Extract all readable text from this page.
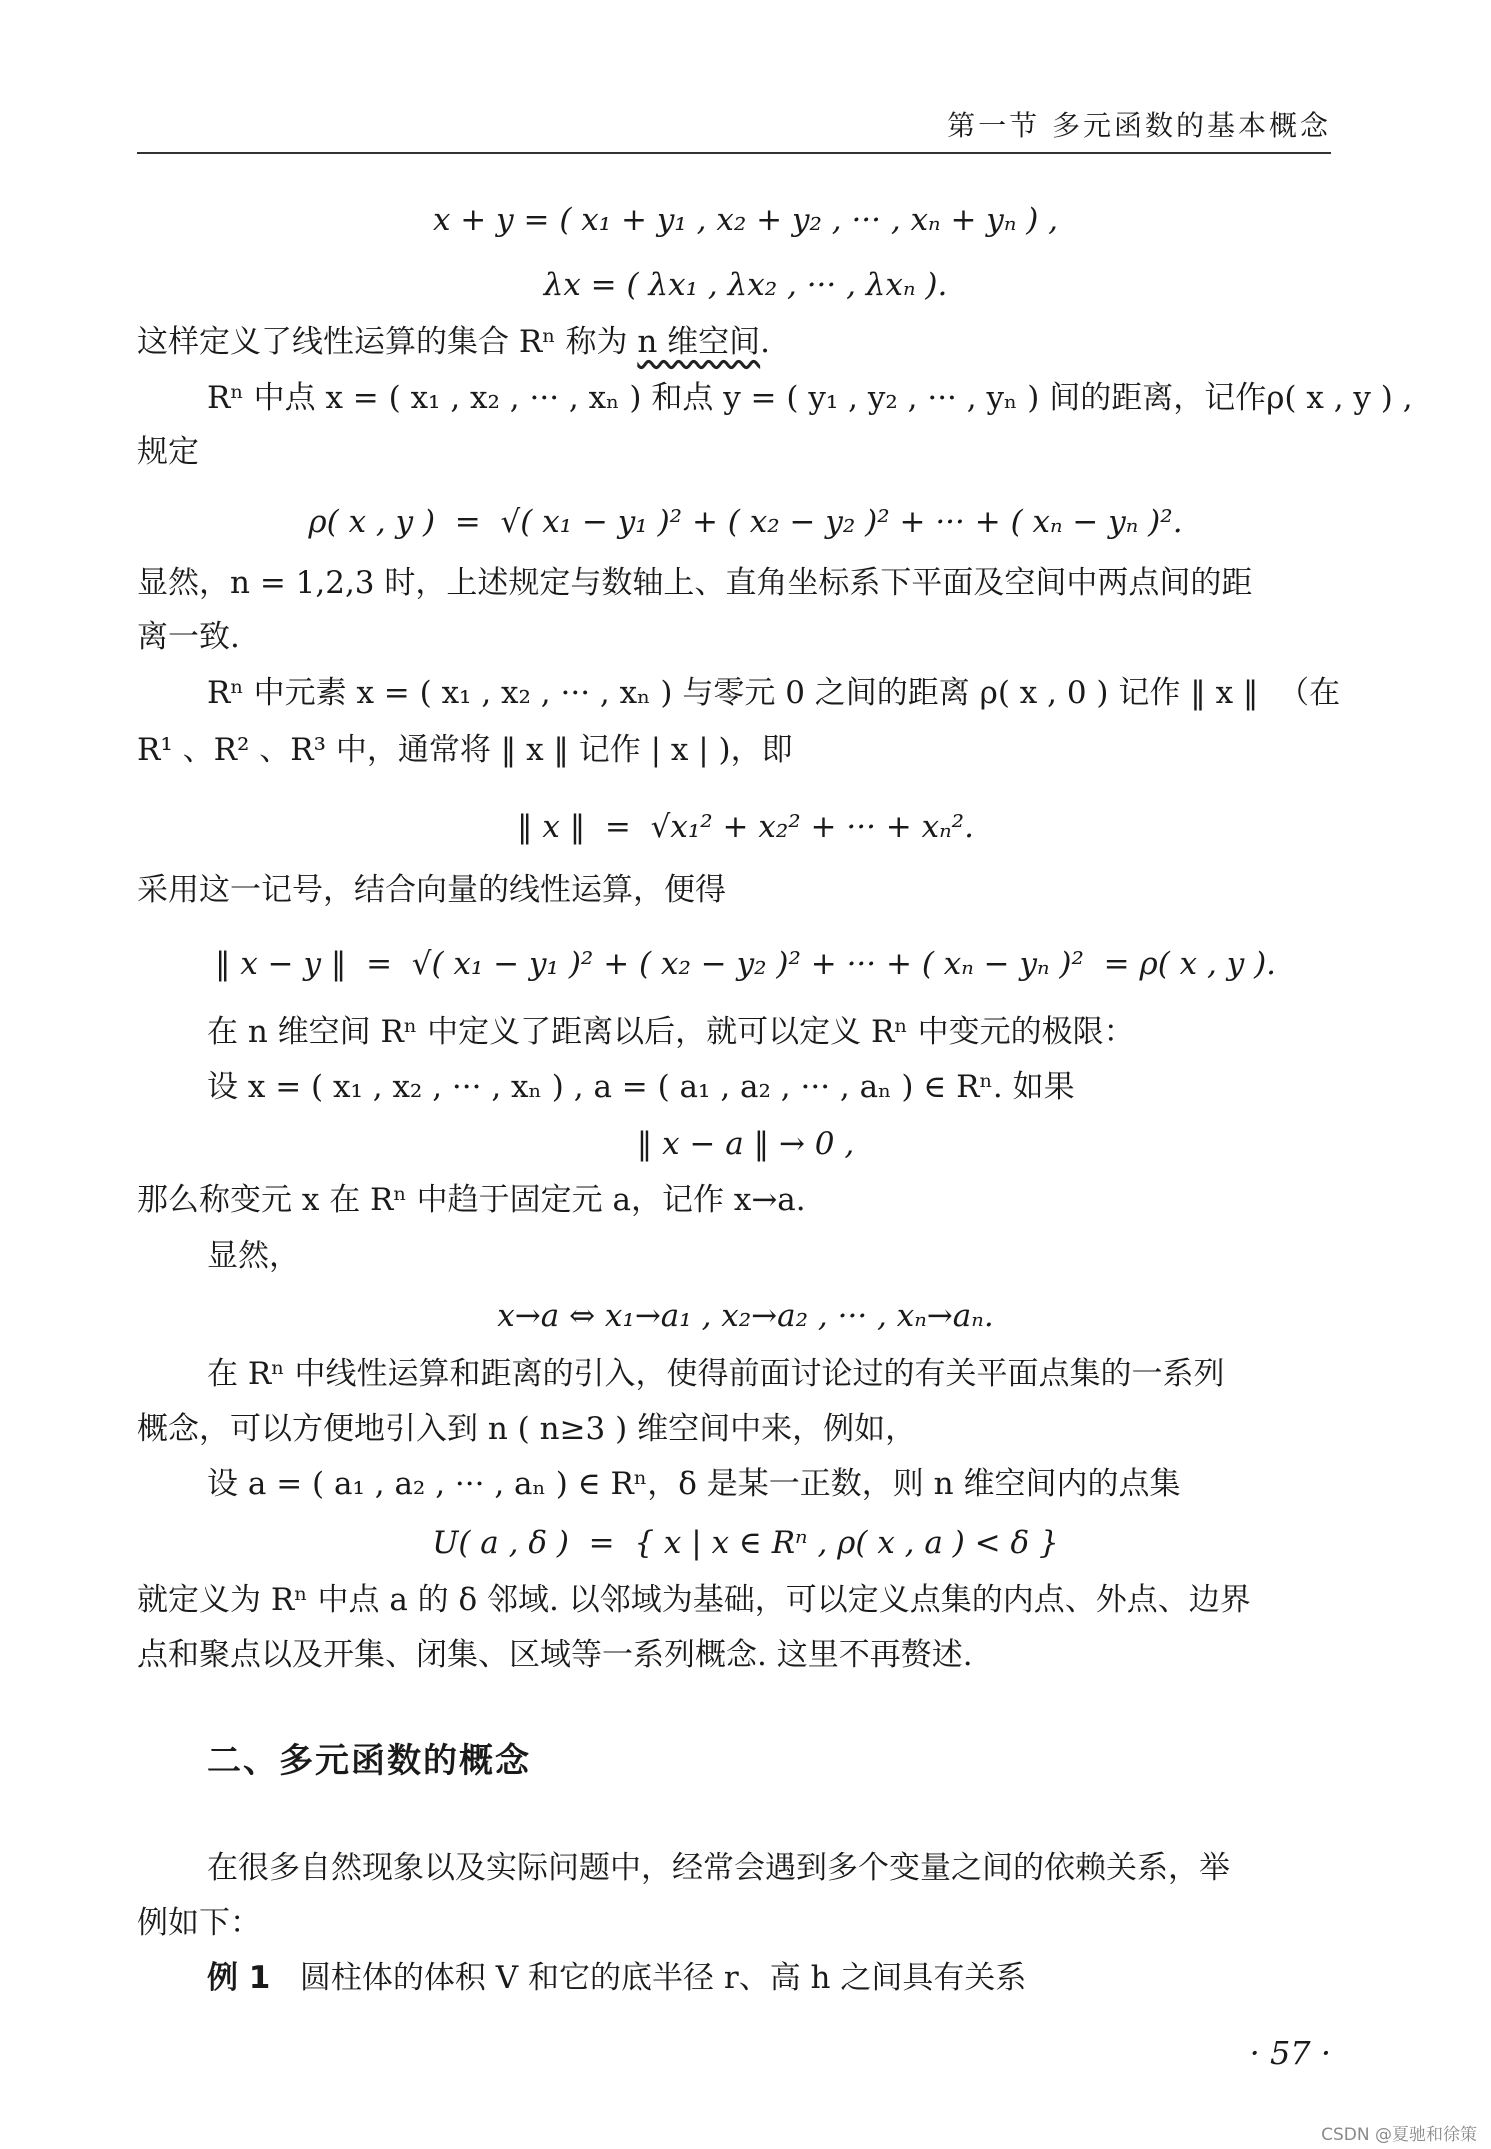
第一节 多元函数的基本概念
x + y = ( x₁ + y₁ , x₂ + y₂ , ··· , xₙ + yₙ ) ,
λx = ( λx₁ , λx₂ , ··· , λxₙ ).
这样定义了线性运算的集合 Rⁿ 称为 n 维空间.
Rⁿ 中点 x = ( x₁ , x₂ , ··· , xₙ ) 和点 y = ( y₁ , y₂ , ··· , yₙ ) 间的距离，记作ρ( x , y ) ,
规定
ρ( x , y )  =  √( x₁ − y₁ )² + ( x₂ − y₂ )² + ··· + ( xₙ − yₙ )².
显然，n = 1,2,3 时，上述规定与数轴上、直角坐标系下平面及空间中两点间的距
离一致.
Rⁿ 中元素 x = ( x₁ , x₂ , ··· , xₙ ) 与零元 0 之间的距离 ρ( x , 0 ) 记作 ‖ x ‖  （在
R¹ 、R² 、R³ 中，通常将 ‖ x ‖ 记作 | x | )，即
‖ x ‖  =  √x₁² + x₂² + ··· + xₙ².
采用这一记号，结合向量的线性运算，便得
‖ x − y ‖  =  √( x₁ − y₁ )² + ( x₂ − y₂ )² + ··· + ( xₙ − yₙ )²  = ρ( x , y ).
在 n 维空间 Rⁿ 中定义了距离以后，就可以定义 Rⁿ 中变元的极限：
设 x = ( x₁ , x₂ , ··· , xₙ ) , a = ( a₁ , a₂ , ··· , aₙ ) ∈ Rⁿ. 如果
‖ x − a ‖ → 0 ,
那么称变元 x 在 Rⁿ 中趋于固定元 a，记作 x→a.
显然，
x→a ⇔ x₁→a₁ , x₂→a₂ , ··· , xₙ→aₙ.
在 Rⁿ 中线性运算和距离的引入，使得前面讨论过的有关平面点集的一系列
概念，可以方便地引入到 n ( n≥3 ) 维空间中来，例如，
设 a = ( a₁ , a₂ , ··· , aₙ ) ∈ Rⁿ，δ 是某一正数，则 n 维空间内的点集
U( a , δ )  =  { x | x ∈ Rⁿ , ρ( x , a ) < δ }
就定义为 Rⁿ 中点 a 的 δ 邻域. 以邻域为基础，可以定义点集的内点、外点、边界
点和聚点以及开集、闭集、区域等一系列概念. 这里不再赘述.
二、多元函数的概念
在很多自然现象以及实际问题中，经常会遇到多个变量之间的依赖关系，举
例如下：
例 1   圆柱体的体积 V 和它的底半径 r、高 h 之间具有关系
· 57 ·
CSDN @夏驰和徐策
